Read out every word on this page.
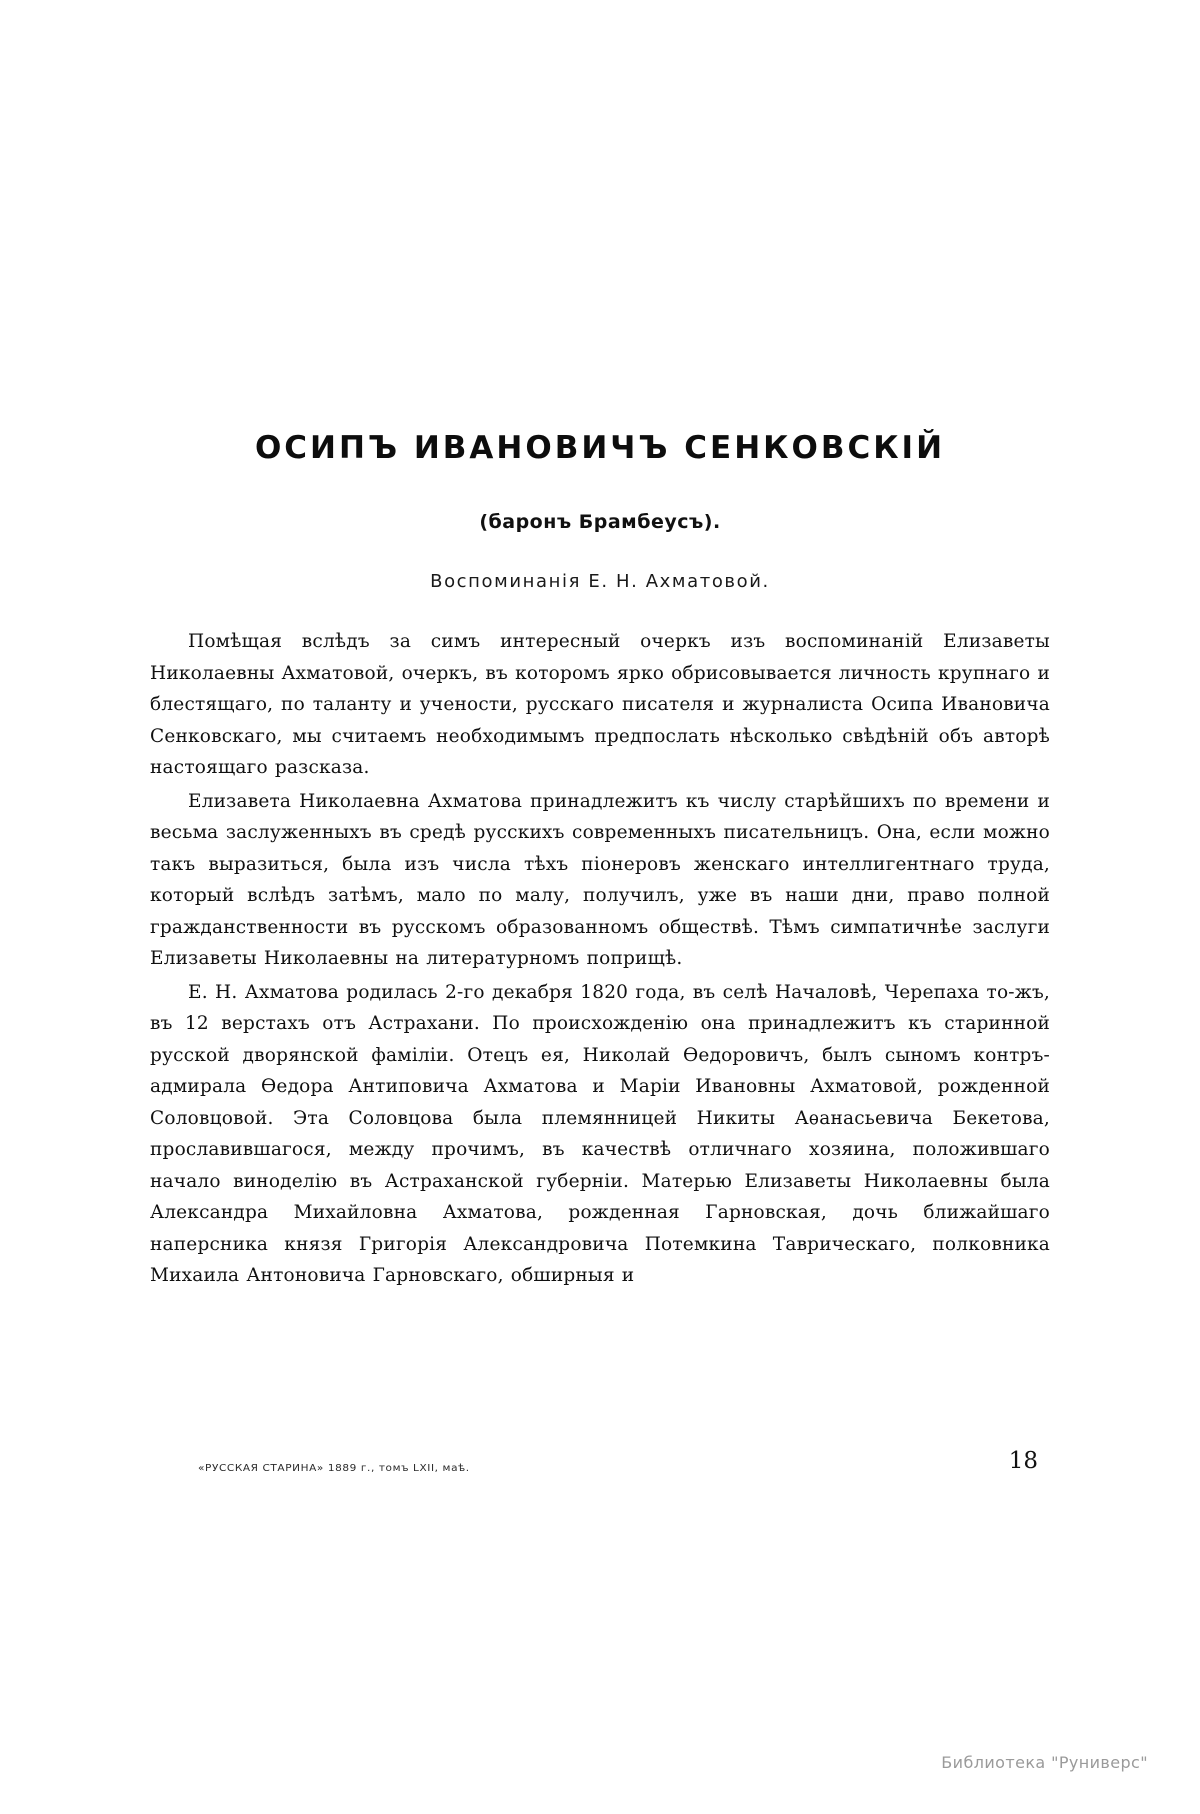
ОСИПЪ ИВАНОВИЧЪ СЕНКОВСКІЙ
(баронъ Брамбеусъ).
Воспоминанія Е. Н. Ахматовой.

Помѣщая вслѣдъ за симъ интересный очеркъ изъ воспоминаній Елизаветы Николаевны Ахматовой, очеркъ, въ которомъ ярко обрисовывается личность крупнаго и блестящаго, по таланту и учености, русскаго писателя и журналиста Осипа Ивановича Сенковскаго, мы считаемъ необходимымъ предпослать нѣсколько свѣдѣній объ авторѣ настоящаго разсказа.

Елизавета Николаевна Ахматова принадлежитъ къ числу старѣйшихъ по времени и весьма заслуженныхъ въ средѣ русскихъ современныхъ писательницъ. Она, если можно такъ выразиться, была изъ числа тѣхъ піонеровъ женскаго интеллигентнаго труда, который вслѣдъ затѣмъ, мало по малу, получилъ, уже въ наши дни, право полной гражданственности въ русскомъ образованномъ обществѣ. Тѣмъ симпатичнѣе заслуги Елизаветы Николаевны на литературномъ поприщѣ.

Е. Н. Ахматова родилась 2-го декабря 1820 года, въ селѣ Началовѣ, Черепаха то-жъ, въ 12 верстахъ отъ Астрахани. По происхожденію она принадлежитъ къ старинной русской дворянской фаміліи. Отецъ ея, Николай Ѳедоровичъ, былъ сыномъ контръ-адмирала Ѳедора Антиповича Ахматова и Маріи Ивановны Ахматовой, рожденной Соловцовой. Эта Соловцова была племянницей Никиты Аѳанасьевича Бекетова, прославившагося, между прочимъ, въ качествѣ отличнаго хозяина, положившаго начало виноделію въ Астраханской губерніи. Матерью Елизаветы Николаевны была Александра Михайловна Ахматова, рожденная Гарновская, дочь ближайшаго наперсника князя Григорія Александровича Потемкина Таврическаго, полковника Михаила Антоновича Гарновскаго, обширныя и

«РУССКАЯ СТАРИНА» 1889 г., томъ LXII, маѣ.	18
Библиотека "Руниверс"
